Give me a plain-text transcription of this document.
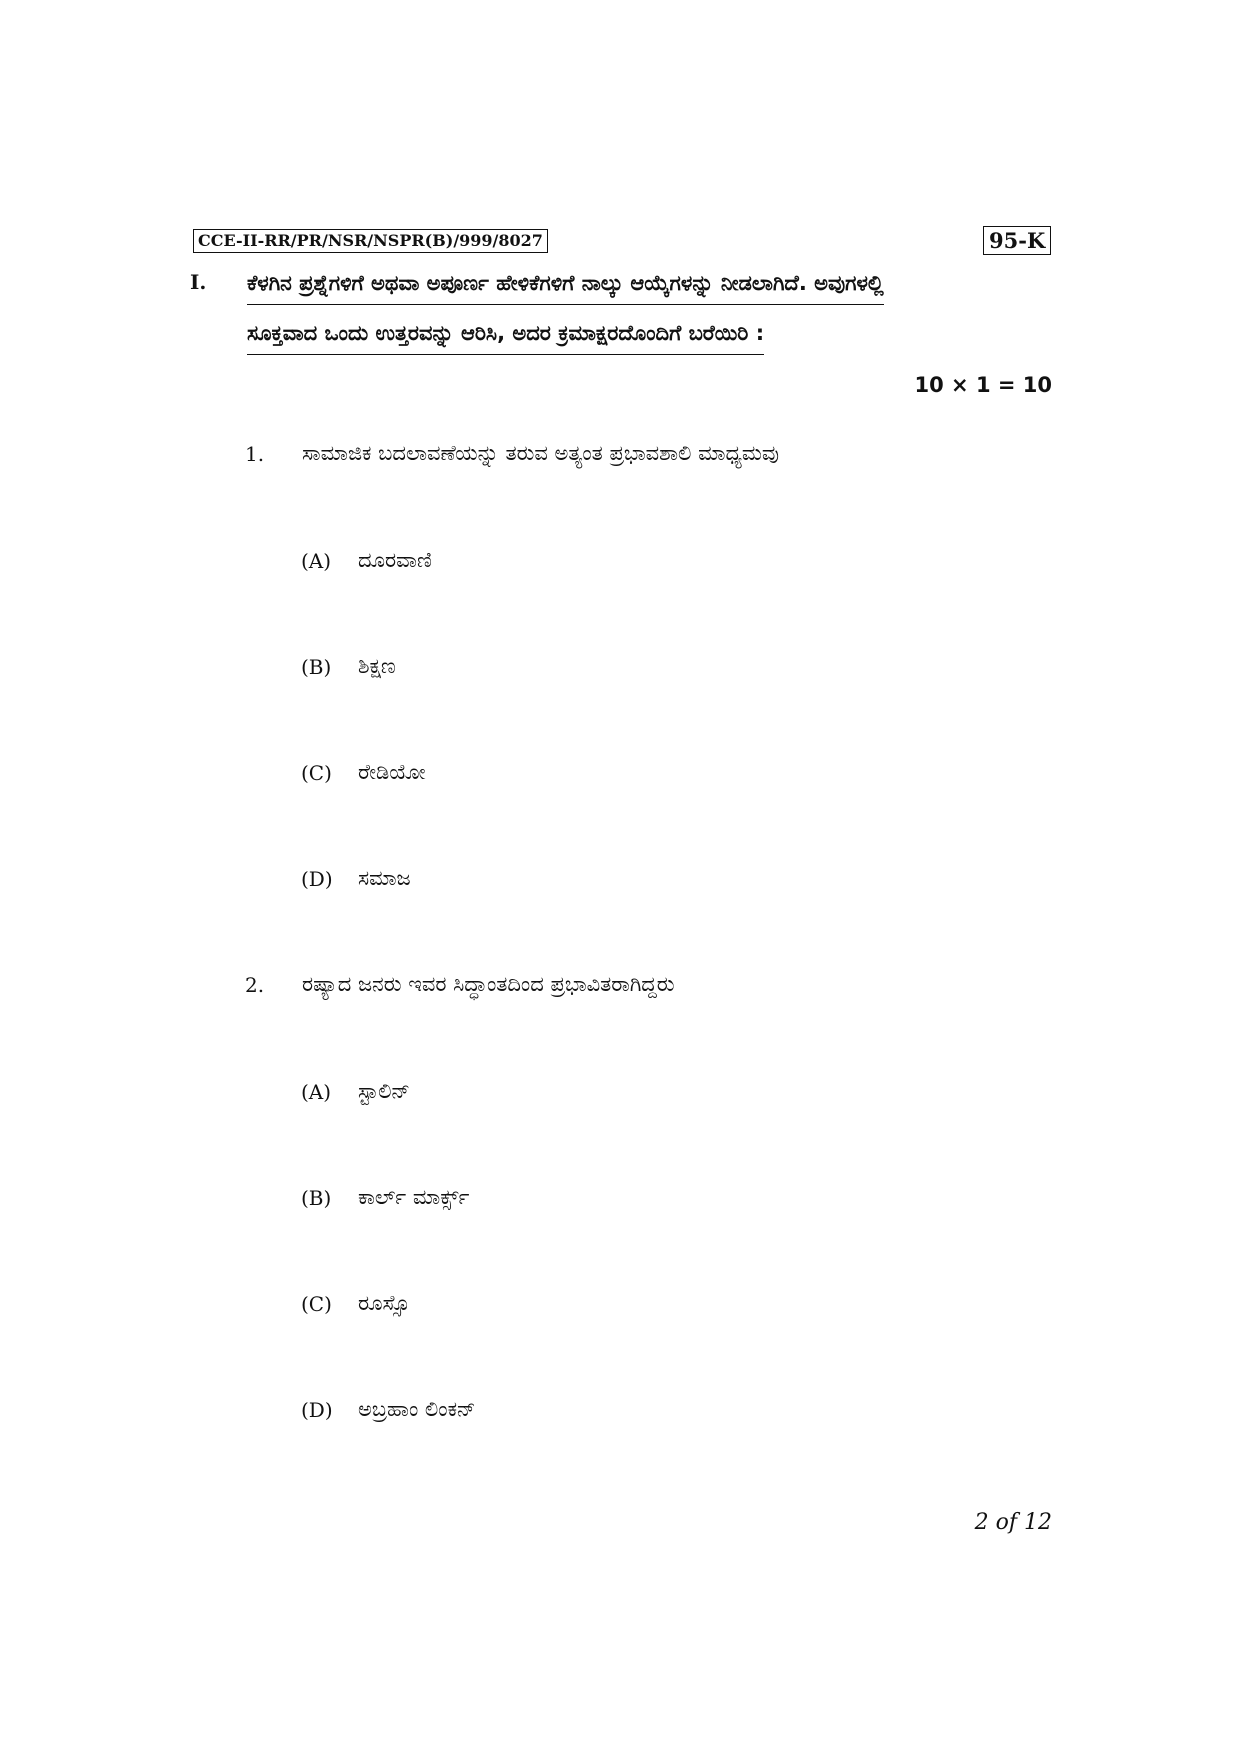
CCE-II-RR/PR/NSR/NSPR(B)/999/8027	95-K
I. ಕೆಳಗಿನ ಪ್ರಶ್ನೆಗಳಿಗೆ ಅಥವಾ ಅಪೂರ್ಣ ಹೇಳಿಕೆಗಳಿಗೆ ನಾಲ್ಕು ಆಯ್ಕೆಗಳನ್ನು ನೀಡಲಾಗಿದೆ. ಅವುಗಳಲ್ಲಿ
ಸೂಕ್ತವಾದ ಒಂದು ಉತ್ತರವನ್ನು ಆರಿಸಿ, ಅದರ ಕ್ರಮಾಕ್ಷರದೊಂದಿಗೆ ಬರೆಯಿರಿ :
10 × 1 = 10
1. ಸಾಮಾಜಿಕ ಬದಲಾವಣೆಯನ್ನು ತರುವ ಅತ್ಯಂತ ಪ್ರಭಾವಶಾಲಿ ಮಾಧ್ಯಮವು
(A) ದೂರವಾಣಿ
(B) ಶಿಕ್ಷಣ
(C) ರೇಡಿಯೋ
(D) ಸಮಾಜ
2. ರಷ್ಯಾದ ಜನರು ಇವರ ಸಿದ್ಧಾಂತದಿಂದ ಪ್ರಭಾವಿತರಾಗಿದ್ದರು
(A) ಸ್ಟಾಲಿನ್
(B) ಕಾರ್ಲ್ ಮಾರ್ಕ್ಸ್
(C) ರೂಸ್ಸೊ
(D) ಅಬ್ರಹಾಂ ಲಿಂಕನ್
2 of 12
